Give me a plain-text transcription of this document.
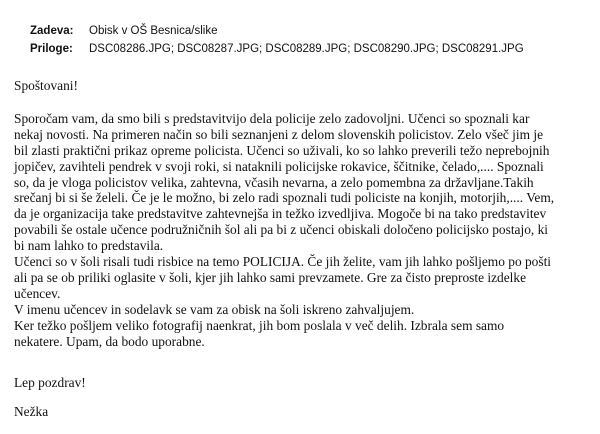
Zadeva:	Obisk v OŠ Besnica/slike
Priloge:	DSC08286.JPG; DSC08287.JPG; DSC08289.JPG; DSC08290.JPG; DSC08291.JPG
Spoštovani!
Sporočam vam, da smo bili s predstavitvijo dela policije zelo zadovoljni. Učenci so spoznali kar
nekaj novosti. Na primeren način so bili seznanjeni z delom slovenskih policistov. Zelo všeč jim je
bil zlasti praktični prikaz opreme policista. Učenci so uživali, ko so lahko preverili težo neprebojnih
jopičev, zavihteli pendrek v svoji roki, si nataknili policijske rokavice, ščitnike, čelado,.... Spoznali
so, da je vloga policistov velika, zahtevna, včasih nevarna, a zelo pomembna za državljane.Takih
srečanj bi si še želeli. Če je le možno, bi zelo radi spoznali tudi policiste na konjih, motorjih,.... Vem,
da je organizacija take predstavitve zahtevnejša in težko izvedljiva. Mogoče bi na tako predstavitev
povabili še ostale učence podružničnih šol ali pa bi z učenci obiskali določeno policijsko postajo, ki
bi nam lahko to predstavila.
Učenci so v šoli risali tudi risbice na temo POLICIJA. Če jih želite, vam jih lahko pošljemo po pošti
ali pa se ob priliki oglasite v šoli, kjer jih lahko sami prevzamete. Gre za čisto preproste izdelke
učencev.
V imenu učencev in sodelavk se vam za obisk na šoli iskreno zahvaljujem.
Ker težko pošljem veliko fotografij naenkrat, jih bom poslala v več delih. Izbrala sem samo
nekatere. Upam, da bodo uporabne.
Lep pozdrav!
Nežka
